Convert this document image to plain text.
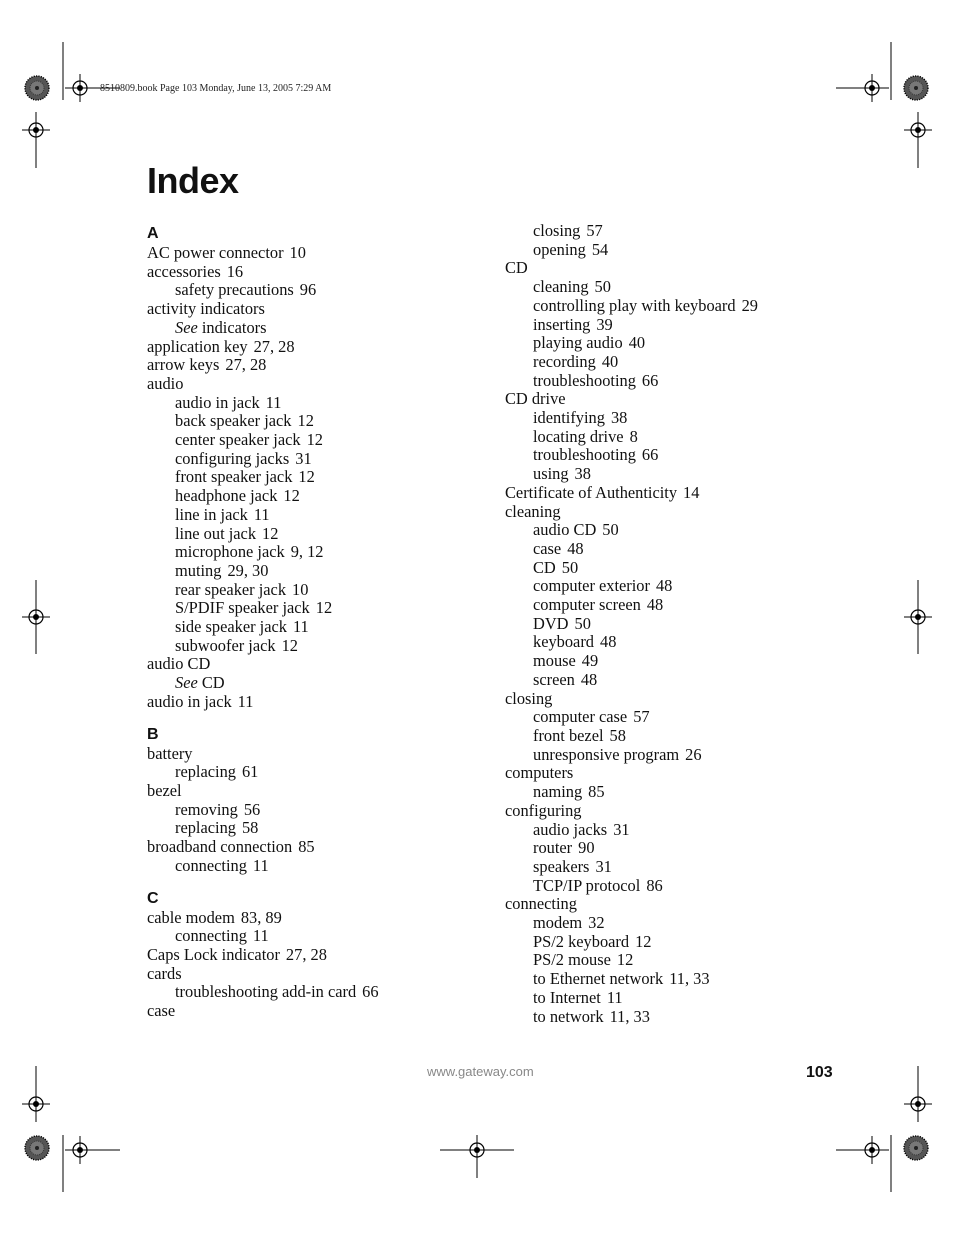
8510809.book Page 103 Monday, June 13, 2005 7:29 AM
Index
A
AC power connector 10
accessories 16
safety precautions 96
activity indicators
See indicators
application key 27, 28
arrow keys 27, 28
audio
audio in jack 11
back speaker jack 12
center speaker jack 12
configuring jacks 31
front speaker jack 12
headphone jack 12
line in jack 11
line out jack 12
microphone jack 9, 12
muting 29, 30
rear speaker jack 10
S/PDIF speaker jack 12
side speaker jack 11
subwoofer jack 12
audio CD
See CD
audio in jack 11
B
battery
replacing 61
bezel
removing 56
replacing 58
broadband connection 85
connecting 11
C
cable modem 83, 89
connecting 11
Caps Lock indicator 27, 28
cards
troubleshooting add-in card 66
case
closing 57
opening 54
CD
cleaning 50
controlling play with keyboard 29
inserting 39
playing audio 40
recording 40
troubleshooting 66
CD drive
identifying 38
locating drive 8
troubleshooting 66
using 38
Certificate of Authenticity 14
cleaning
audio CD 50
case 48
CD 50
computer exterior 48
computer screen 48
DVD 50
keyboard 48
mouse 49
screen 48
closing
computer case 57
front bezel 58
unresponsive program 26
computers
naming 85
configuring
audio jacks 31
router 90
speakers 31
TCP/IP protocol 86
connecting
modem 32
PS/2 keyboard 12
PS/2 mouse 12
to Ethernet network 11, 33
to Internet 11
to network 11, 33
www.gateway.com	103
